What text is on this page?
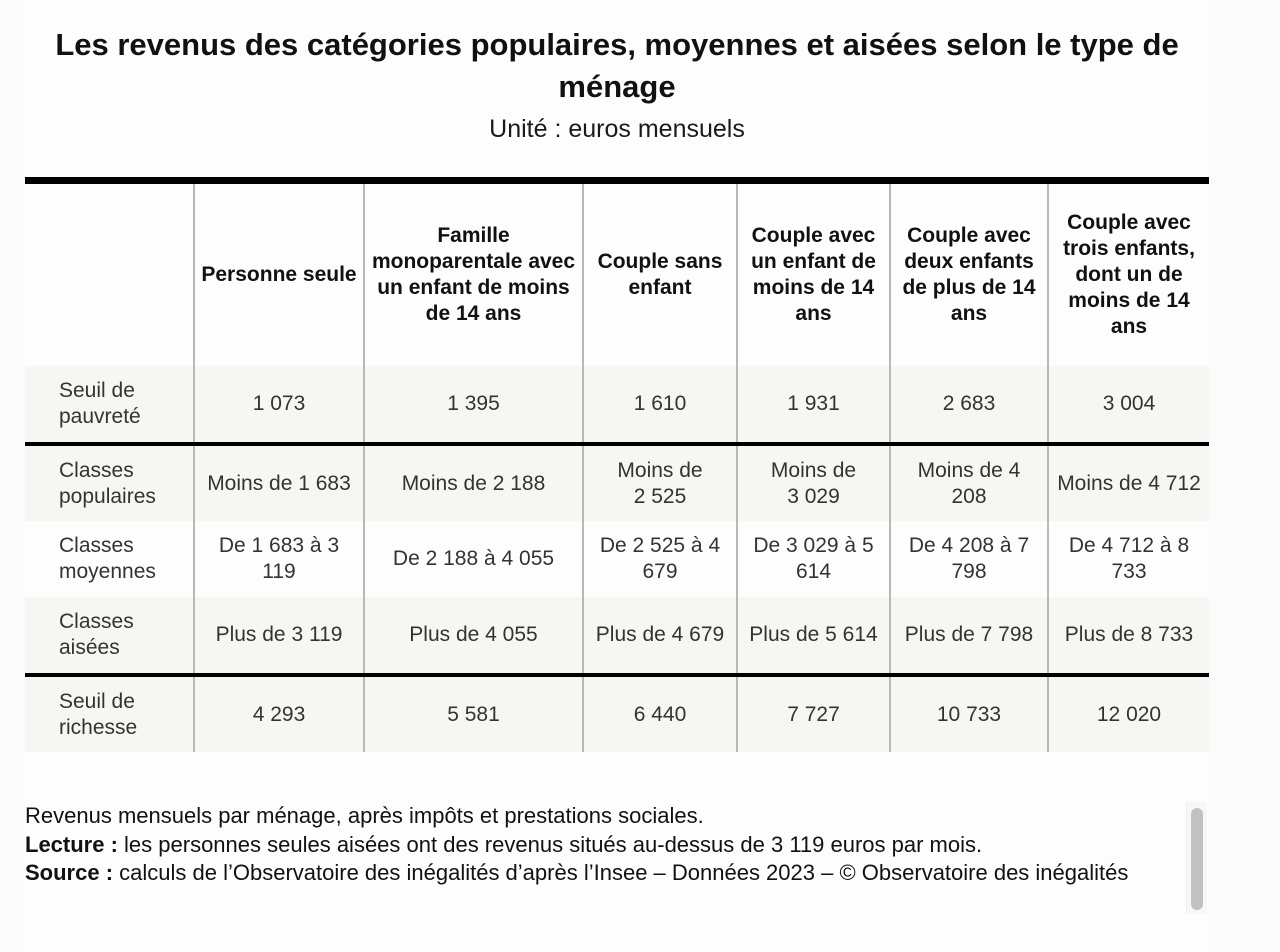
Les revenus des catégories populaires, moyennes et aisées selon le type de ménage
Unité : euros mensuels
	Personne seule	Famille monoparentale avec un enfant de moins de 14 ans	Couple sans enfant	Couple avec un enfant de moins de 14 ans	Couple avec deux enfants de plus de 14 ans	Couple avec trois enfants, dont un de moins de 14 ans
Seuil de pauvreté	1 073	1 395	1 610	1 931	2 683	3 004
Classes populaires	Moins de 1 683	Moins de 2 188	Moins de 2 525	Moins de 3 029	Moins de 4 208	Moins de 4 712
Classes moyennes	De 1 683 à 3 119	De 2 188 à 4 055	De 2 525 à 4 679	De 3 029 à 5 614	De 4 208 à 7 798	De 4 712 à 8 733
Classes aisées	Plus de 3 119	Plus de 4 055	Plus de 4 679	Plus de 5 614	Plus de 7 798	Plus de 8 733
Seuil de richesse	4 293	5 581	6 440	7 727	10 733	12 020
Revenus mensuels par ménage, après impôts et prestations sociales.
Lecture : les personnes seules aisées ont des revenus situés au-dessus de 3 119 euros par mois.
Source : calculs de l’Observatoire des inégalités d’après l’Insee – Données 2023 – © Observatoire des inégalités
